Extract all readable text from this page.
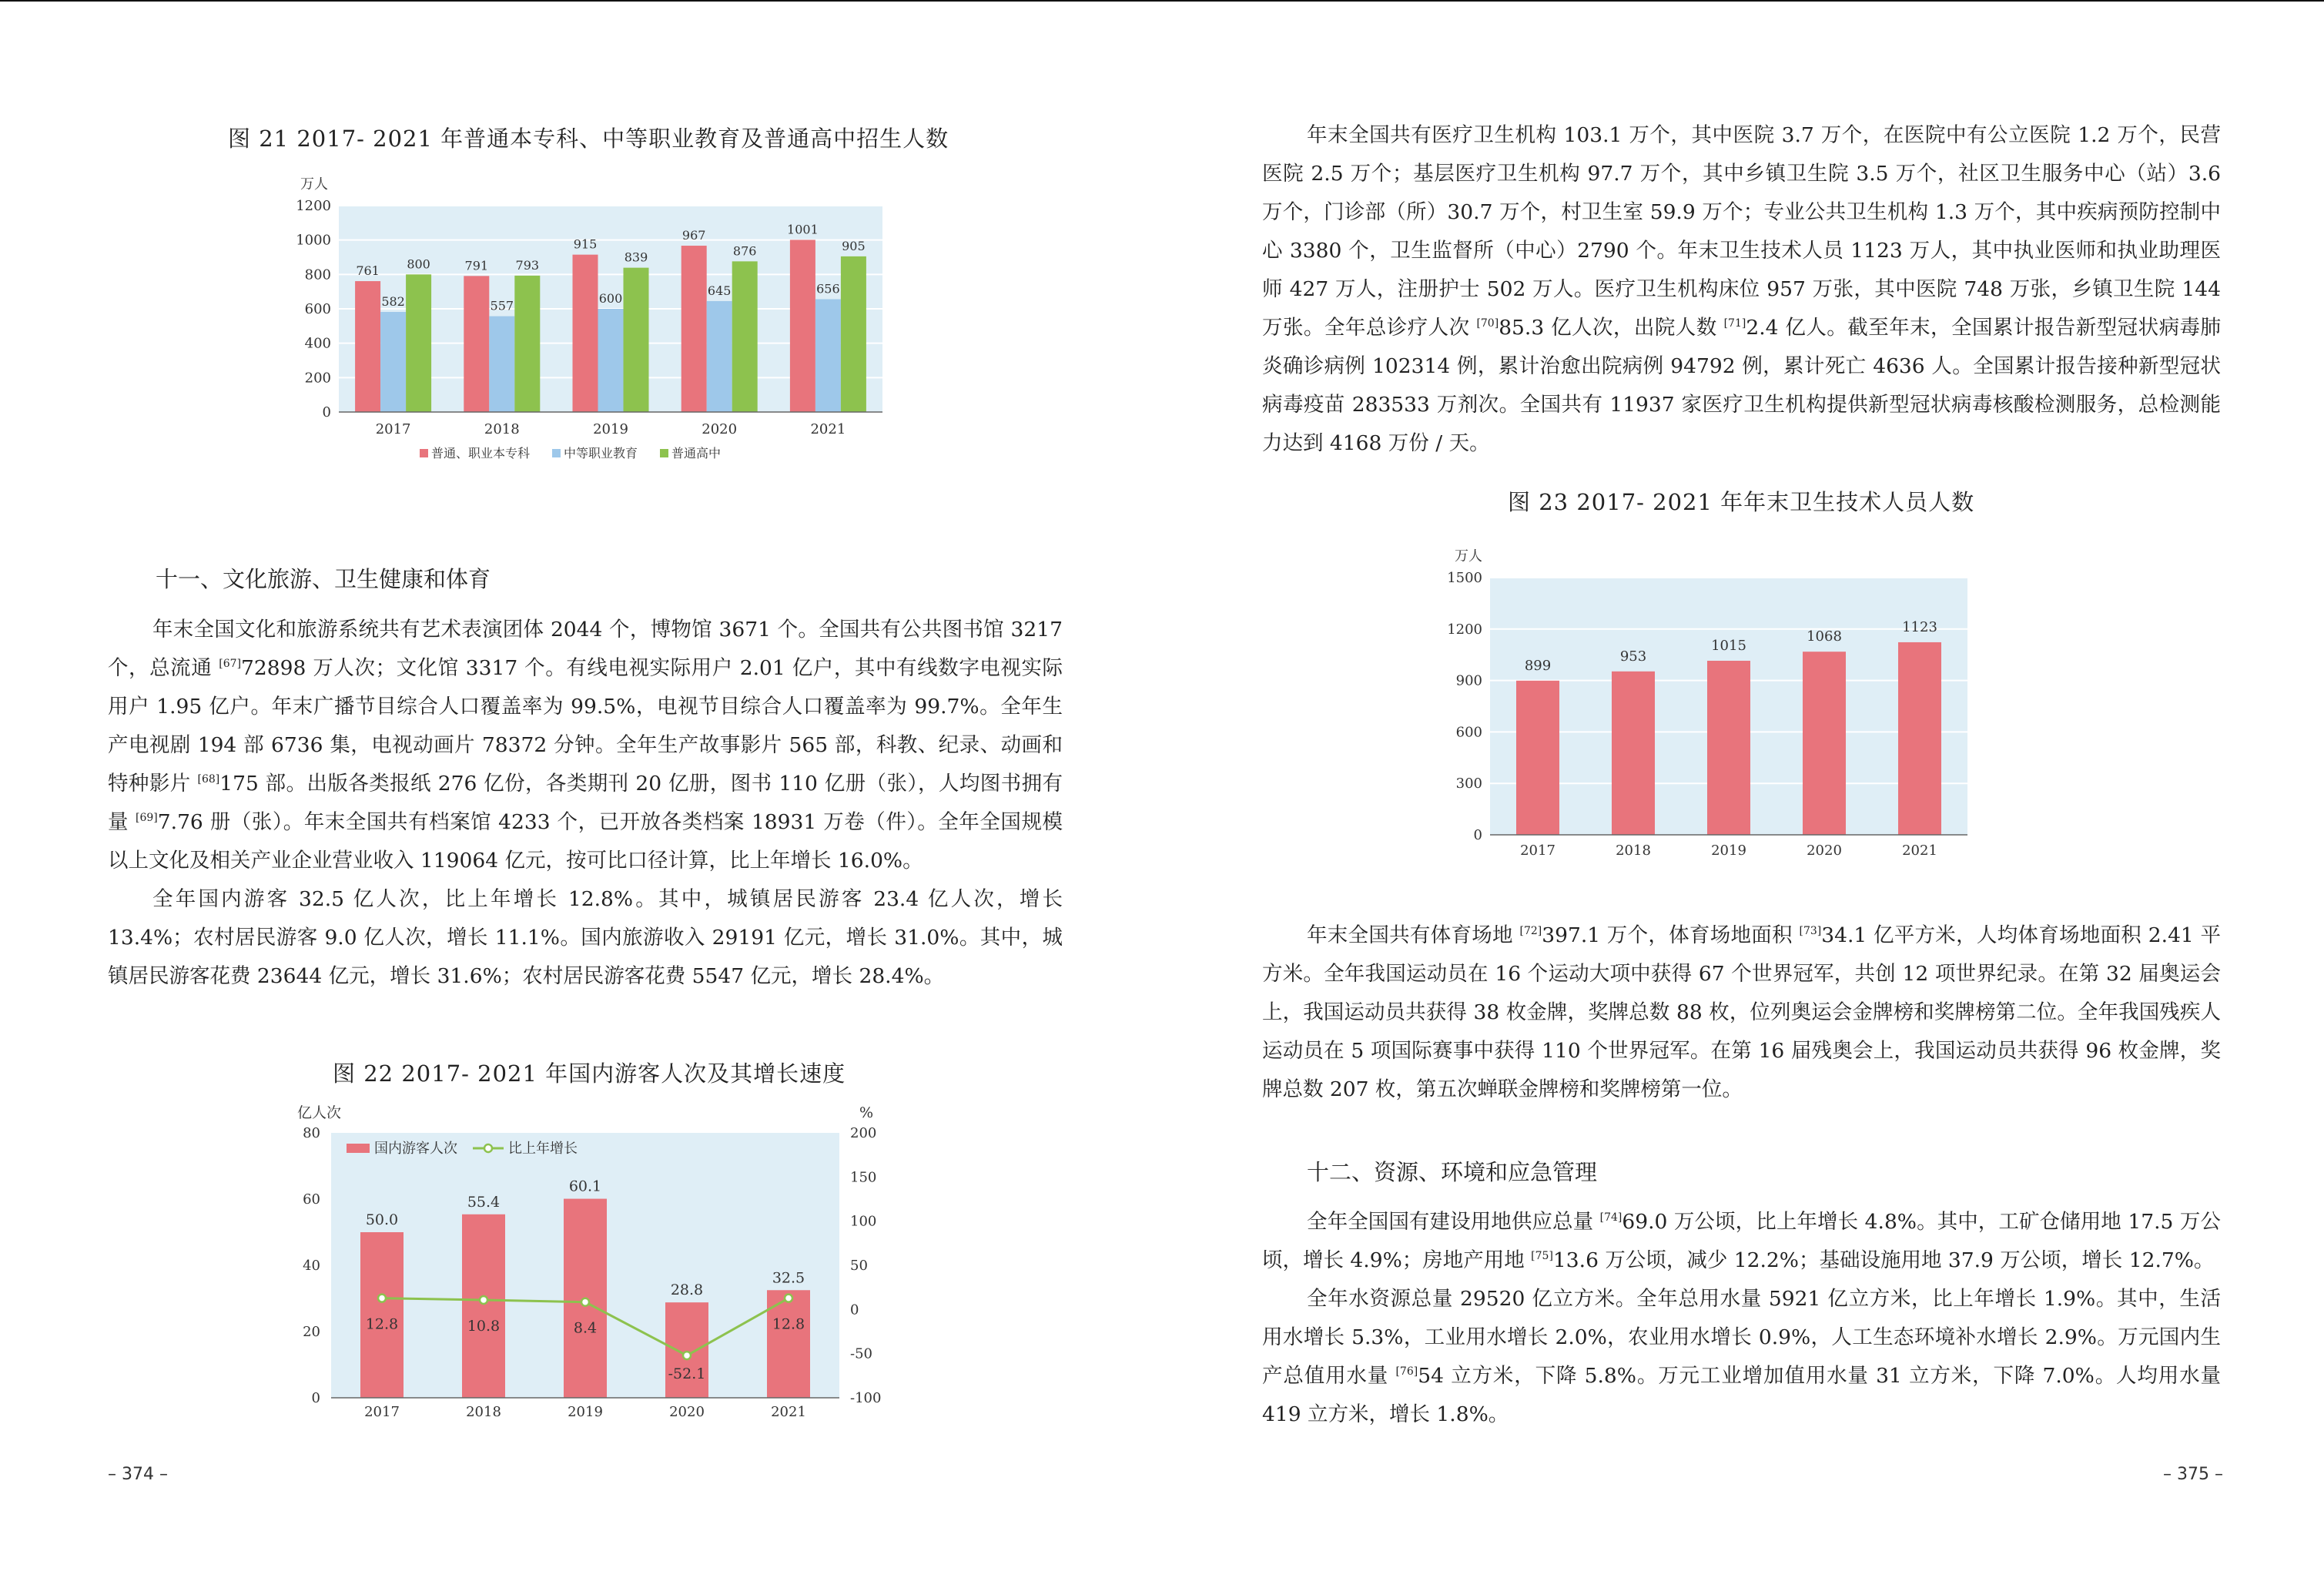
图 21 2017- 2021 年普通本专科、中等职业教育及普通高中招生人数
0
200
400
600
800
1000
1200
万人
761
582
800
2017
791
557
793
2018
915
600
839
2019
967
645
876
2020
1001
656
905
2021
普通、职业本专科	中等职业教育	普通高中
十一、文化旅游、卫生健康和体育

年末全国文化和旅游系统共有艺术表演团体 2044 个，博物馆 3671 个。全国共有公共图书馆 3217 个，总流通 [67]72898 万人次；文化馆 3317 个。有线电视实际用户 2.01 亿户，其中有线数字电视实际用户 1.95 亿户。年末广播节目综合人口覆盖率为 99.5%，电视节目综合人口覆盖率为 99.7%。全年生产电视剧 194 部 6736 集，电视动画片 78372 分钟。全年生产故事影片 565 部，科教、纪录、动画和特种影片 [68]175 部。出版各类报纸 276 亿份，各类期刊 20 亿册，图书 110 亿册（张），人均图书拥有量 [69]7.76 册（张）。年末全国共有档案馆 4233 个，已开放各类档案 18931 万卷（件）。全年全国规模以上文化及相关产业企业营业收入 119064 亿元，按可比口径计算，比上年增长 16.0%。

全年国内游客 32.5 亿人次，比上年增长 12.8%。其中，城镇居民游客 23.4 亿人次，增长 13.4%；农村居民游客 9.0 亿人次，增长 11.1%。国内旅游收入 29191 亿元，增长 31.0%。其中，城镇居民游客花费 23644 亿元，增长 31.6%；农村居民游客花费 5547 亿元，增长 28.4%。

图 22 2017- 2021 年国内游客人次及其增长速度
亿人次	%
0
20
40
60
80
-100
-50
0
50
100
150
200
50.0
2017
55.4
2018
60.1
2019
28.8
2020
32.5
2021
12.8	10.8	8.4
-52.1
12.8
国内游客人次	比上年增长
– 374 –

年末全国共有医疗卫生机构 103.1 万个，其中医院 3.7 万个，在医院中有公立医院 1.2 万个，民营医院 2.5 万个；基层医疗卫生机构 97.7 万个，其中乡镇卫生院 3.5 万个，社区卫生服务中心（站）3.6 万个，门诊部（所）30.7 万个，村卫生室 59.9 万个；专业公共卫生机构 1.3 万个，其中疾病预防控制中心 3380 个，卫生监督所（中心）2790 个。年末卫生技术人员 1123 万人，其中执业医师和执业助理医师 427 万人，注册护士 502 万人。医疗卫生机构床位 957 万张，其中医院 748 万张，乡镇卫生院 144 万张。全年总诊疗人次 [70]85.3 亿人次，出院人数 [71]2.4 亿人。截至年末，全国累计报告新型冠状病毒肺炎确诊病例 102314 例，累计治愈出院病例 94792 例，累计死亡 4636 人。全国累计报告接种新型冠状病毒疫苗 283533 万剂次。全国共有 11937 家医疗卫生机构提供新型冠状病毒核酸检测服务，总检测能力达到 4168 万份 / 天。

图 23 2017- 2021 年年末卫生技术人员人数
万人
0
300
600
900
1200
1500
899
2017
953
2018
1015
2019
1068
2020
1123
2021

年末全国共有体育场地 [72]397.1 万个，体育场地面积 [73]34.1 亿平方米，人均体育场地面积 2.41 平方米。全年我国运动员在 16 个运动大项中获得 67 个世界冠军，共创 12 项世界纪录。在第 32 届奥运会上，我国运动员共获得 38 枚金牌，奖牌总数 88 枚，位列奥运会金牌榜和奖牌榜第二位。全年我国残疾人运动员在 5 项国际赛事中获得 110 个世界冠军。在第 16 届残奥会上，我国运动员共获得 96 枚金牌，奖牌总数 207 枚，第五次蝉联金牌榜和奖牌榜第一位。

十二、资源、环境和应急管理

全年全国国有建设用地供应总量 [74]69.0 万公顷，比上年增长 4.8%。其中，工矿仓储用地 17.5 万公顷，增长 4.9%；房地产用地 [75]13.6 万公顷，减少 12.2%；基础设施用地 37.9 万公顷，增长 12.7%。

全年水资源总量 29520 亿立方米。全年总用水量 5921 亿立方米，比上年增长 1.9%。其中，生活用水增长 5.3%，工业用水增长 2.0%，农业用水增长 0.9%，人工生态环境补水增长 2.9%。万元国内生产总值用水量 [76]54 立方米，下降 5.8%。万元工业增加值用水量 31 立方米，下降 7.0%。人均用水量 419 立方米，增长 1.8%。

– 375 –
